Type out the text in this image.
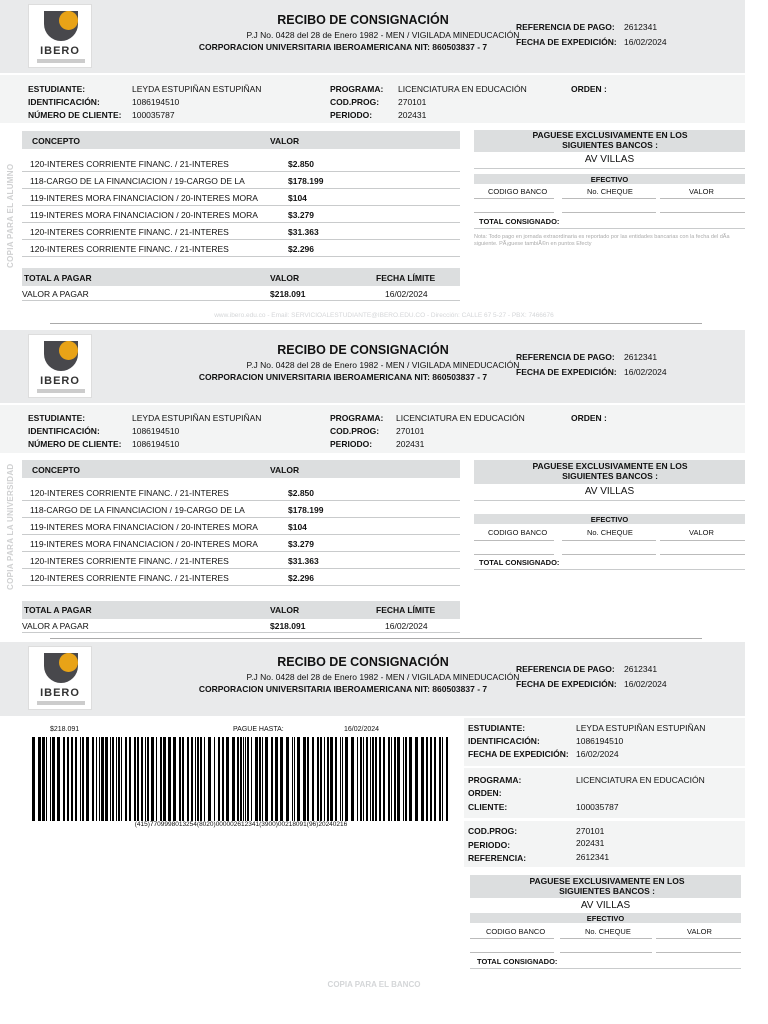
IBERO
RECIBO DE CONSIGNACIÓN
P.J No. 0428 del 28 de Enero 1982 - MEN / VIGILADA MINEDUCACIÓN
CORPORACION UNIVERSITARIA IBEROAMERICANA NIT: 860503837 - 7
REFERENCIA DE PAGO: 2612341
FECHA DE EXPEDICIÓN: 16/02/2024
ESTUDIANTE:	LEYDA ESTUPIÑAN ESTUPIÑAN
IDENTIFICACIÓN:	1086194510
NÚMERO DE CLIENTE: 100035787
PROGRAMA: LICENCIATURA EN EDUCACIÓN
COD.PROG: 270101
PERIODO:	202431
ORDEN :
COPIA PARA EL ALUMNO
CONCEPTO	VALOR
120-INTERES CORRIENTE FINANC. / 21-INTERES	$2.850
118-CARGO DE LA FINANCIACION / 19-CARGO DE LA	$178.199
119-INTERES MORA FINANCIACION / 20-INTERES MORA	$104
119-INTERES MORA FINANCIACION / 20-INTERES MORA	$3.279
120-INTERES CORRIENTE FINANC. / 21-INTERES	$31.363
120-INTERES CORRIENTE FINANC. / 21-INTERES	$2.296
PAGUESE EXCLUSIVAMENTE EN LOS SIGUIENTES BANCOS :
AV VILLAS
EFECTIVO
CODIGO BANCO	No. CHEQUE	VALOR
TOTAL CONSIGNADO:
Nota: Todo pago en jornada extraordinaria es reportado por las entidades bancarias con la fecha del dÃa siguiente. PÃ¡guese tambiÃ©n en puntos Efecty
TOTAL A PAGAR	VALOR	FECHA LÍMITE
VALOR A PAGAR	$218.091	16/02/2024
www.ibero.edu.co - Email: SERVICIOALESTUDIANTE@IBERO.EDU.CO - Dirección: CALLE 67 5-27 - PBX: 7466676
IBERO
RECIBO DE CONSIGNACIÓN
P.J No. 0428 del 28 de Enero 1982 - MEN / VIGILADA MINEDUCACIÓN
CORPORACION UNIVERSITARIA IBEROAMERICANA NIT: 860503837 - 7
REFERENCIA DE PAGO: 2612341
FECHA DE EXPEDICIÓN: 16/02/2024
ESTUDIANTE:	LEYDA ESTUPIÑAN ESTUPIÑAN
IDENTIFICACIÓN:	1086194510
NÚMERO DE CLIENTE: 1086194510
PROGRAMA: LICENCIATURA EN EDUCACIÓN
COD.PROG: 270101
PERIODO:	202431
ORDEN :
COPIA PARA LA UNIVERSIDAD CONCEPTO	VALOR
120-INTERES CORRIENTE FINANC. / 21-INTERES	$2.850
118-CARGO DE LA FINANCIACION / 19-CARGO DE LA	$178.199
119-INTERES MORA FINANCIACION / 20-INTERES MORA	$104
119-INTERES MORA FINANCIACION / 20-INTERES MORA	$3.279
120-INTERES CORRIENTE FINANC. / 21-INTERES	$31.363
120-INTERES CORRIENTE FINANC. / 21-INTERES	$2.296
PAGUESE EXCLUSIVAMENTE EN LOS SIGUIENTES BANCOS :
AV VILLAS
EFECTIVO
CODIGO BANCO	No. CHEQUE	VALOR
TOTAL CONSIGNADO:
TOTAL A PAGAR	VALOR	FECHA LÍMITE
VALOR A PAGAR	$218.091	16/02/2024
IBERO
RECIBO DE CONSIGNACIÓN
P.J No. 0428 del 28 de Enero 1982 - MEN / VIGILADA MINEDUCACIÓN
CORPORACION UNIVERSITARIA IBEROAMERICANA NIT: 860503837 - 7
REFERENCIA DE PAGO: 2612341
FECHA DE EXPEDICIÓN: 16/02/2024
$218.091	PAGUE HASTA:	16/02/2024
(415)7709998013254(8020)000002612341(3900)00218091(96)20240216
ESTUDIANTE:	LEYDA ESTUPIÑAN ESTUPIÑAN
IDENTIFICACIÓN:	1086194510
FECHA DE EXPEDICIÓN: 16/02/2024
PROGRAMA:	LICENCIATURA EN EDUCACIÓN
ORDEN:
CLIENTE:	100035787
COD.PROG:	270101
PERIODO:	202431
REFERENCIA:	2612341
PAGUESE EXCLUSIVAMENTE EN LOS SIGUIENTES BANCOS :
AV VILLAS
EFECTIVO
CODIGO BANCO	No. CHEQUE	VALOR
TOTAL CONSIGNADO:
COPIA PARA EL BANCO
